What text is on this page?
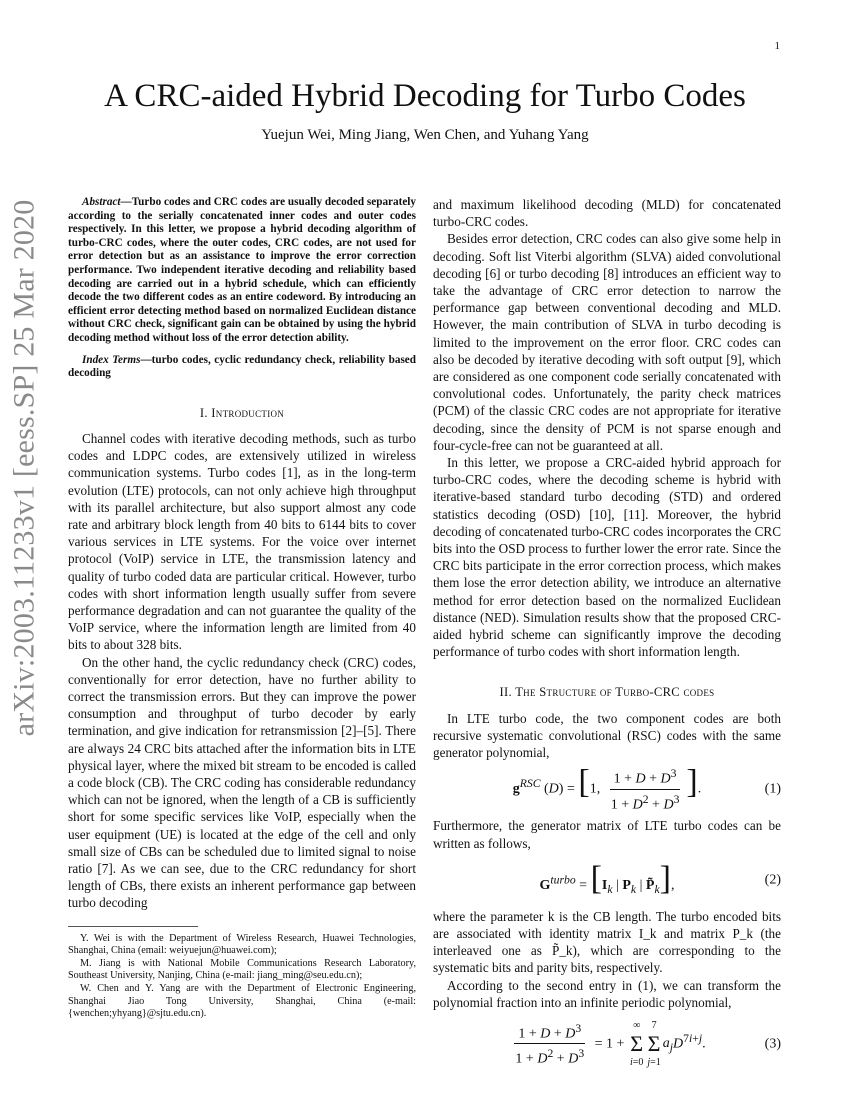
1
arXiv:2003.11233v1 [eess.SP] 25 Mar 2020
A CRC-aided Hybrid Decoding for Turbo Codes
Yuejun Wei, Ming Jiang, Wen Chen, and Yuhang Yang

Abstract—Turbo codes and CRC codes are usually decoded separately according to the serially concatenated inner codes and outer codes respectively. In this letter, we propose a hybrid decoding algorithm of turbo-CRC codes, where the outer codes, CRC codes, are not used for error detection but as an assistance to improve the error correction performance. Two independent iterative decoding and reliability based decoding are carried out in a hybrid schedule, which can efficiently decode the two different codes as an entire codeword. By introducing an efficient error detecting method based on normalized Euclidean distance without CRC check, significant gain can be obtained by using the hybrid decoding method without loss of the error detection ability.

Index Terms—turbo codes, cyclic redundancy check, reliability based decoding

I. Introduction

Channel codes with iterative decoding methods, such as turbo codes and LDPC codes, are extensively utilized in wireless communication systems. Turbo codes [1], as in the long-term evolution (LTE) protocols, can not only achieve high throughput with its parallel architecture, but also support almost any code rate and arbitrary block length from 40 bits to 6144 bits to cover various services in LTE systems. For the voice over internet protocol (VoIP) service in LTE, the transmission latency and quality of turbo coded data are particular critical. However, turbo codes with short information length usually suffer from severe performance degradation and can not guarantee the quality of the VoIP service, where the information length are limited from 40 bits to about 328 bits.

On the other hand, the cyclic redundancy check (CRC) codes, conventionally for error detection, have no further ability to correct the transmission errors. But they can improve the power consumption and throughput of turbo decoder by early termination, and give indication for retransmission [2]–[5]. There are always 24 CRC bits attached after the information bits in LTE physical layer, where the mixed bit stream to be encoded is called a code block (CB). The CRC coding has considerable redundancy which can not be ignored, when the length of a CB is sufficiently short for some specific services like VoIP, especially when the user equipment (UE) is located at the edge of the cell and only small size of CBs can be scheduled due to limited signal to noise ratio [7]. As we can see, due to the CRC redundancy for short length of CBs, there exists an inherent performance gap between turbo decoding

Y. Wei is with the Department of Wireless Research, Huawei Technologies, Shanghai, China (email: weiyuejun@huawei.com);

M. Jiang is with National Mobile Communications Research Laboratory, Southeast University, Nanjing, China (e-mail: jiang_ming@seu.edu.cn);

W. Chen and Y. Yang are with the Department of Electronic Engineering, Shanghai Jiao Tong University, Shanghai, China (e-mail: {wenchen;yhyang}@sjtu.edu.cn).

and maximum likelihood decoding (MLD) for concatenated turbo-CRC codes.

Besides error detection, CRC codes can also give some help in decoding. Soft list Viterbi algorithm (SLVA) aided convolutional decoding [6] or turbo decoding [8] introduces an efficient way to take the advantage of CRC error detection to narrow the performance gap between conventional decoding and MLD. However, the main contribution of SLVA in turbo decoding is limited to the improvement on the error floor. CRC codes can also be decoded by iterative decoding with soft output [9], which are considered as one component code serially concatenated with convolutional codes. Unfortunately, the parity check matrices (PCM) of the classic CRC codes are not appropriate for iterative decoding, since the density of PCM is not sparse enough and four-cycle-free can not be guaranteed at all.

In this letter, we propose a CRC-aided hybrid approach for turbo-CRC codes, where the decoding scheme is hybrid with iterative-based standard turbo decoding (STD) and ordered statistics decoding (OSD) [10], [11]. Moreover, the hybrid decoding of concatenated turbo-CRC codes incorporates the CRC bits into the OSD process to further lower the error rate. Since the CRC bits participate in the error correction process, which makes them lose the error detection ability, we introduce an alternative method for error detection based on the normalized Euclidean distance (NED). Simulation results show that the proposed CRC-aided hybrid scheme can significantly improve the decoding performance of turbo codes with short information length.

II. The Structure of Turbo-CRC codes

In LTE turbo code, the two component codes are both recursive systematic convolutional (RSC) codes with the same generator polynomial,

$g^{RSC}$ (D) = [1, $\frac{1 + D + D^3}{1 + D^2 + D^3}$ ].	(1)

Furthermore, the generator matrix of LTE turbo codes can be written as follows,

$G^{turbo} = [I_k$ | $P_k$ | $P̃_k$],	(2)

where the parameter k is the CB length. The turbo encoded bits are associated with identity matrix I_k and matrix P_k (the interleaved one as P̃_k), which are corresponding to the systematic bits and parity bits, respectively.

According to the second entry in (1), we can transform the polynomial fraction into an infinite periodic polynomial,

$\frac{1 + D + D^3}{1 + D^2 + D^3} = 1$ +
∞
Σ
i=0
7
Σ
j=1
$a_jD^{7i+j}$.	(3)
